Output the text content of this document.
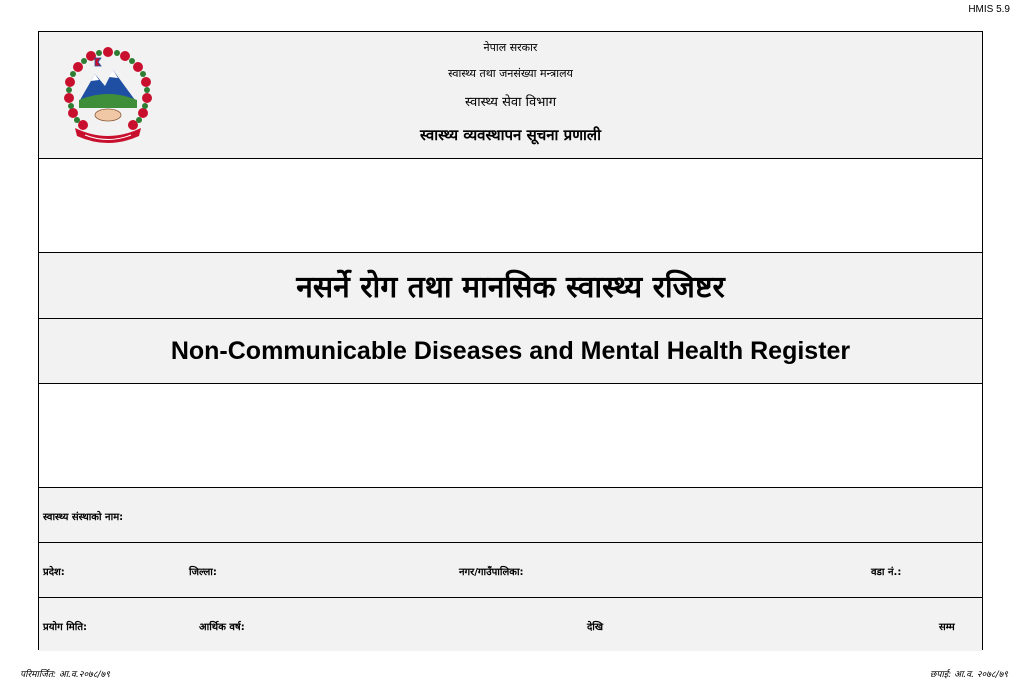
HMIS 5.9
नेपाल सरकार
स्वास्थ्य तथा जनसंख्या मन्त्रालय
स्वास्थ्य सेवा विभाग
स्वास्थ्य व्यवस्थापन सूचना प्रणाली
नसर्ने रोग तथा मानसिक स्वास्थ्य रजिष्टर
Non-Communicable Diseases and Mental Health Register
स्वास्थ्य संस्थाको नाम:
प्रदेश:	जिल्ला:	नगर/गाउँपालिका:	वडा नं.:
प्रयोग मिति:	आर्थिक वर्ष:	देखि	सम्म
परिमार्जित: आ.व.२०७८/७९	छपाई: आ.व. २०७८/७९
